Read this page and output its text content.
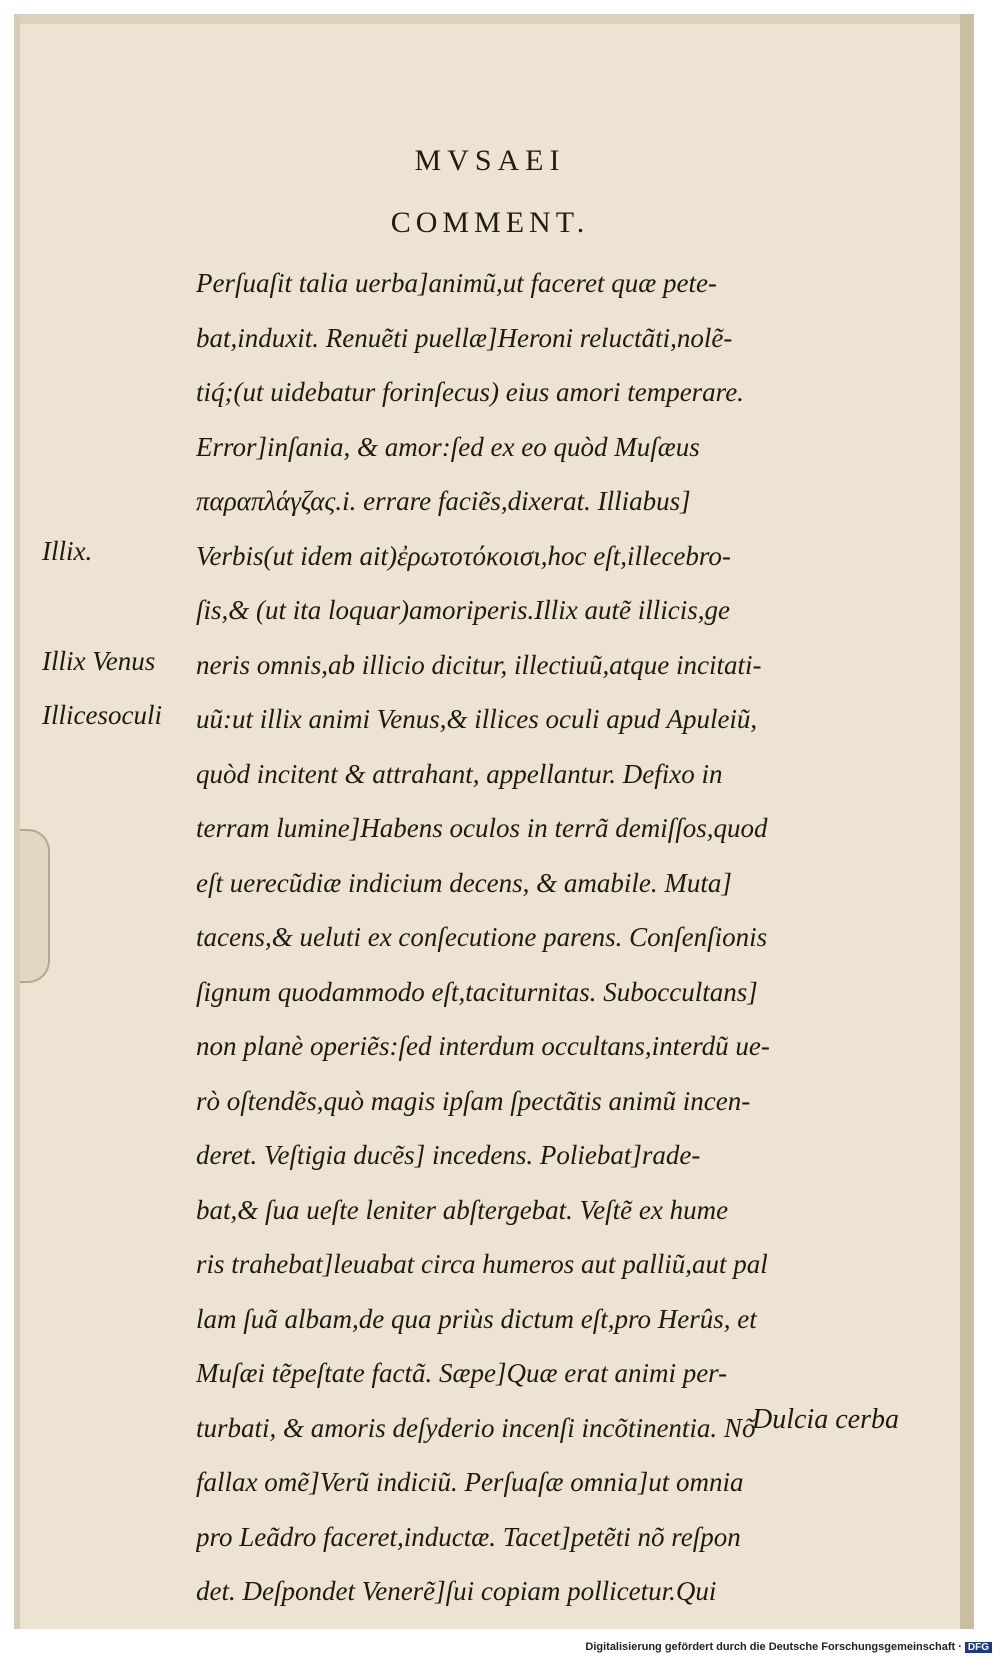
MVSAEI
COMMENT.
Perſuaſit talia uerba]animũ,ut faceret quæ pete-
bat,induxit. Renuẽti puellæ]Heroni reluctãti,nolẽ-
tiq́;(ut uidebatur forinſecus) eius amori temperare.
Error]inſania, & amor:ſed ex eo quòd Muſæus
παραπλάγζας.i. errare faciẽs,dixerat. Illiabus]
Verbis(ut idem ait)ἐρωτοτόκοισι,hoc eſt,illecebro-
ſis,& (ut ita loquar)amoriperis.Illix autẽ illicis,ge
neris omnis,ab illicio dicitur, illectiuũ,atque incitati-
uũ:ut illix animi Venus,& illices oculi apud Apuleiũ,
quòd incitent & attrahant, appellantur. Defixo in
terram lumine]Habens oculos in terrã demiſſos,quod
eſt uerecũdiæ indicium decens, & amabile. Muta]
tacens,& ueluti ex conſecutione parens. Conſenſionis
ſignum quodammodo eſt,taciturnitas. Suboccultans]
non planè operiẽs:ſed interdum occultans,interdũ ue-
rò oſtendẽs,quò magis ipſam ſpectãtis animũ incen-
deret. Veſtigia ducẽs] incedens. Poliebat]rade-
bat,& ſua ueſte leniter abſtergebat. Veſtẽ ex hume
ris trahebat]leuabat circa humeros aut palliũ,aut pal
lam ſuã albam,de qua priùs dictum eſt,pro Herûs, et
Muſæi tẽpeſtate factã. Sæpe]Quæ erat animi per-
turbati, & amoris deſyderio incenſi incõtinentia. Nõ
fallax omẽ]Verũ indiciũ. Perſuaſæ omnia]ut omnia
pro Leãdro faceret,inductæ. Tacet]petẽti nõ reſpon
det. Deſpondet Venerẽ]ſui copiam pollicetur.Qui
Illix.
Illix Venus
Illicesoculi
Dulcia cerba
Digitalisierung gefördert durch die Deutsche Forschungsgemeinschaft · DFG
